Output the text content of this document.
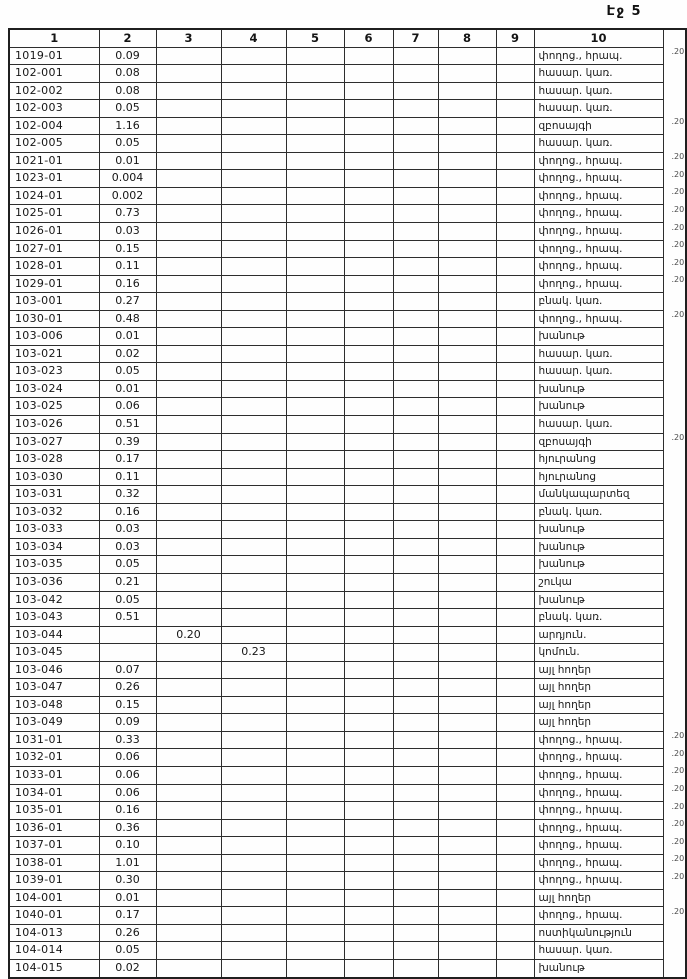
Էջ 5
1	2	3	4	5	6	7	8	9	10	
1019-01	0.09								փողոց., հրապ.	.20
102-001	0.08								հասար. կառ.	
102-002	0.08								հասար. կառ.	
102-003	0.05								հասար. կառ.	
102-004	1.16								զբոսայգի	.20
102-005	0.05								հասար. կառ.	
1021-01	0.01								փողոց., հրապ.	.20
1023-01	0.004								փողոց., հրապ.	.20
1024-01	0.002								փողոց., հրապ.	.20
1025-01	0.73								փողոց., հրապ.	.20
1026-01	0.03								փողոց., հրապ.	.20
1027-01	0.15								փողոց., հրապ.	.20
1028-01	0.11								փողոց., հրապ.	.20
1029-01	0.16								փողոց., հրապ.	.20
103-001	0.27								բնակ. կառ.	
1030-01	0.48								փողոց., հրապ.	.20
103-006	0.01								խանութ	
103-021	0.02								հասար. կառ.	
103-023	0.05								հասար. կառ.	
103-024	0.01								խանութ	
103-025	0.06								խանութ	
103-026	0.51								հասար. կառ.	
103-027	0.39								զբոսայգի	.20
103-028	0.17								հյուրանոց	
103-030	0.11								հյուրանոց	
103-031	0.32								մանկապարտեզ	
103-032	0.16								բնակ. կառ.	
103-033	0.03								խանութ	
103-034	0.03								խանութ	
103-035	0.05								խանութ	
103-036	0.21								շուկա	
103-042	0.05								խանութ	
103-043	0.51								բնակ. կառ.	
103-044		0.20							արդյուն.	
103-045			0.23						կոմուն.	
103-046	0.07								այլ հողեր	
103-047	0.26								այլ հողեր	
103-048	0.15								այլ հողեր	
103-049	0.09								այլ հողեր	
1031-01	0.33								փողոց., հրապ.	.20
1032-01	0.06								փողոց., հրապ.	.20
1033-01	0.06								փողոց., հրապ.	.20
1034-01	0.06								փողոց., հրապ.	.20
1035-01	0.16								փողոց., հրապ.	.20
1036-01	0.36								փողոց., հրապ.	.20
1037-01	0.10								փողոց., հրապ.	.20
1038-01	1.01								փողոց., հրապ.	.20
1039-01	0.30								փողոց., հրապ.	.20
104-001	0.01								այլ հողեր	
1040-01	0.17								փողոց., հրապ.	.20
104-013	0.26								ոստիկանություն	
104-014	0.05								հասար. կառ.	
104-015	0.02								խանութ	
